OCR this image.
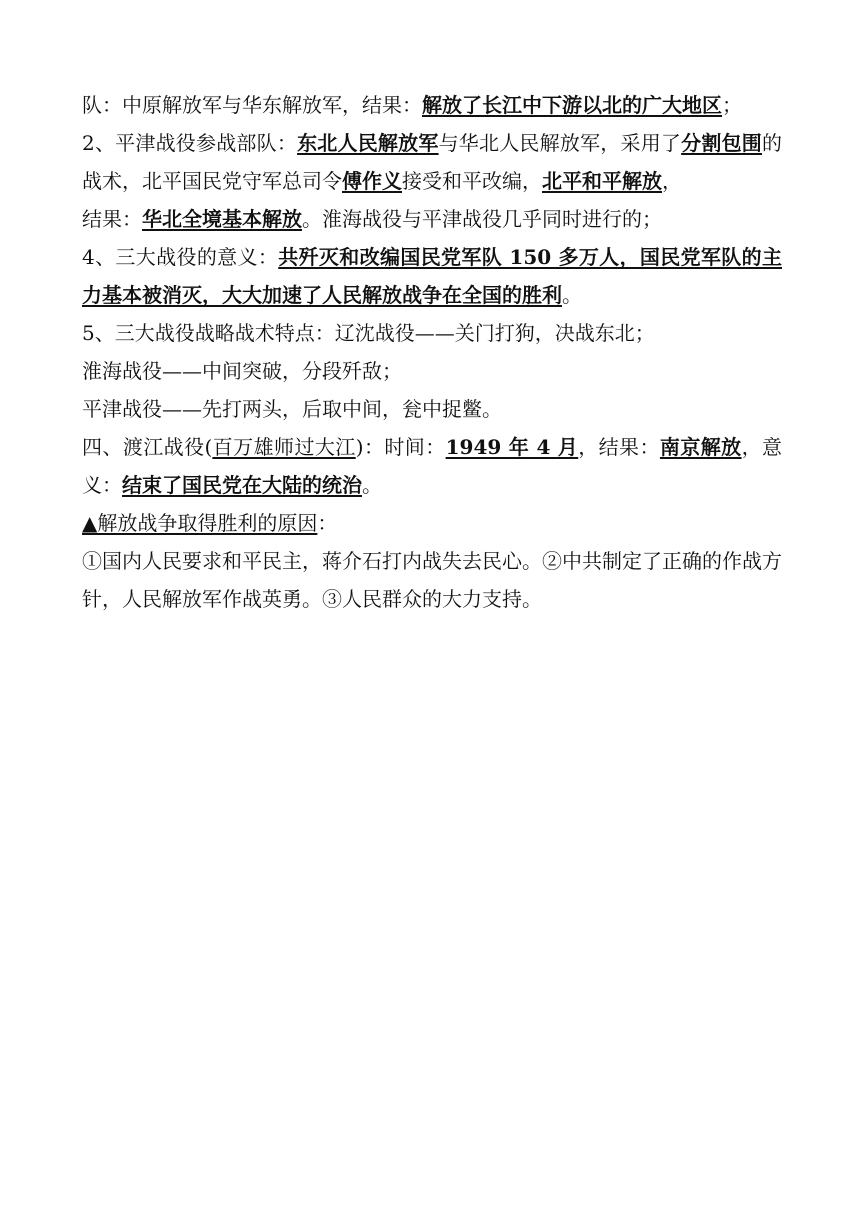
队：中原解放军与华东解放军，结果：解放了长江中下游以北的广大地区；

2、平津战役参战部队：东北人民解放军与华北人民解放军，采用了分割包围的战术，北平国民党守军总司令傅作义接受和平改编，北平和平解放，

结果：华北全境基本解放。淮海战役与平津战役几乎同时进行的；

4、三大战役的意义：共歼灭和改编国民党军队 150 多万人，国民党军队的主力基本被消灭，大大加速了人民解放战争在全国的胜利。

5、三大战役战略战术特点：辽沈战役——关门打狗，决战东北；

淮海战役——中间突破，分段歼敌；

平津战役——先打两头，后取中间，瓮中捉鳖。

四、渡江战役(百万雄师过大江)：时间：1949 年 4 月，结果：南京解放，意义：结束了国民党在大陆的统治。

▲解放战争取得胜利的原因：

①国内人民要求和平民主，蒋介石打内战失去民心。②中共制定了正确的作战方针，人民解放军作战英勇。③人民群众的大力支持。
